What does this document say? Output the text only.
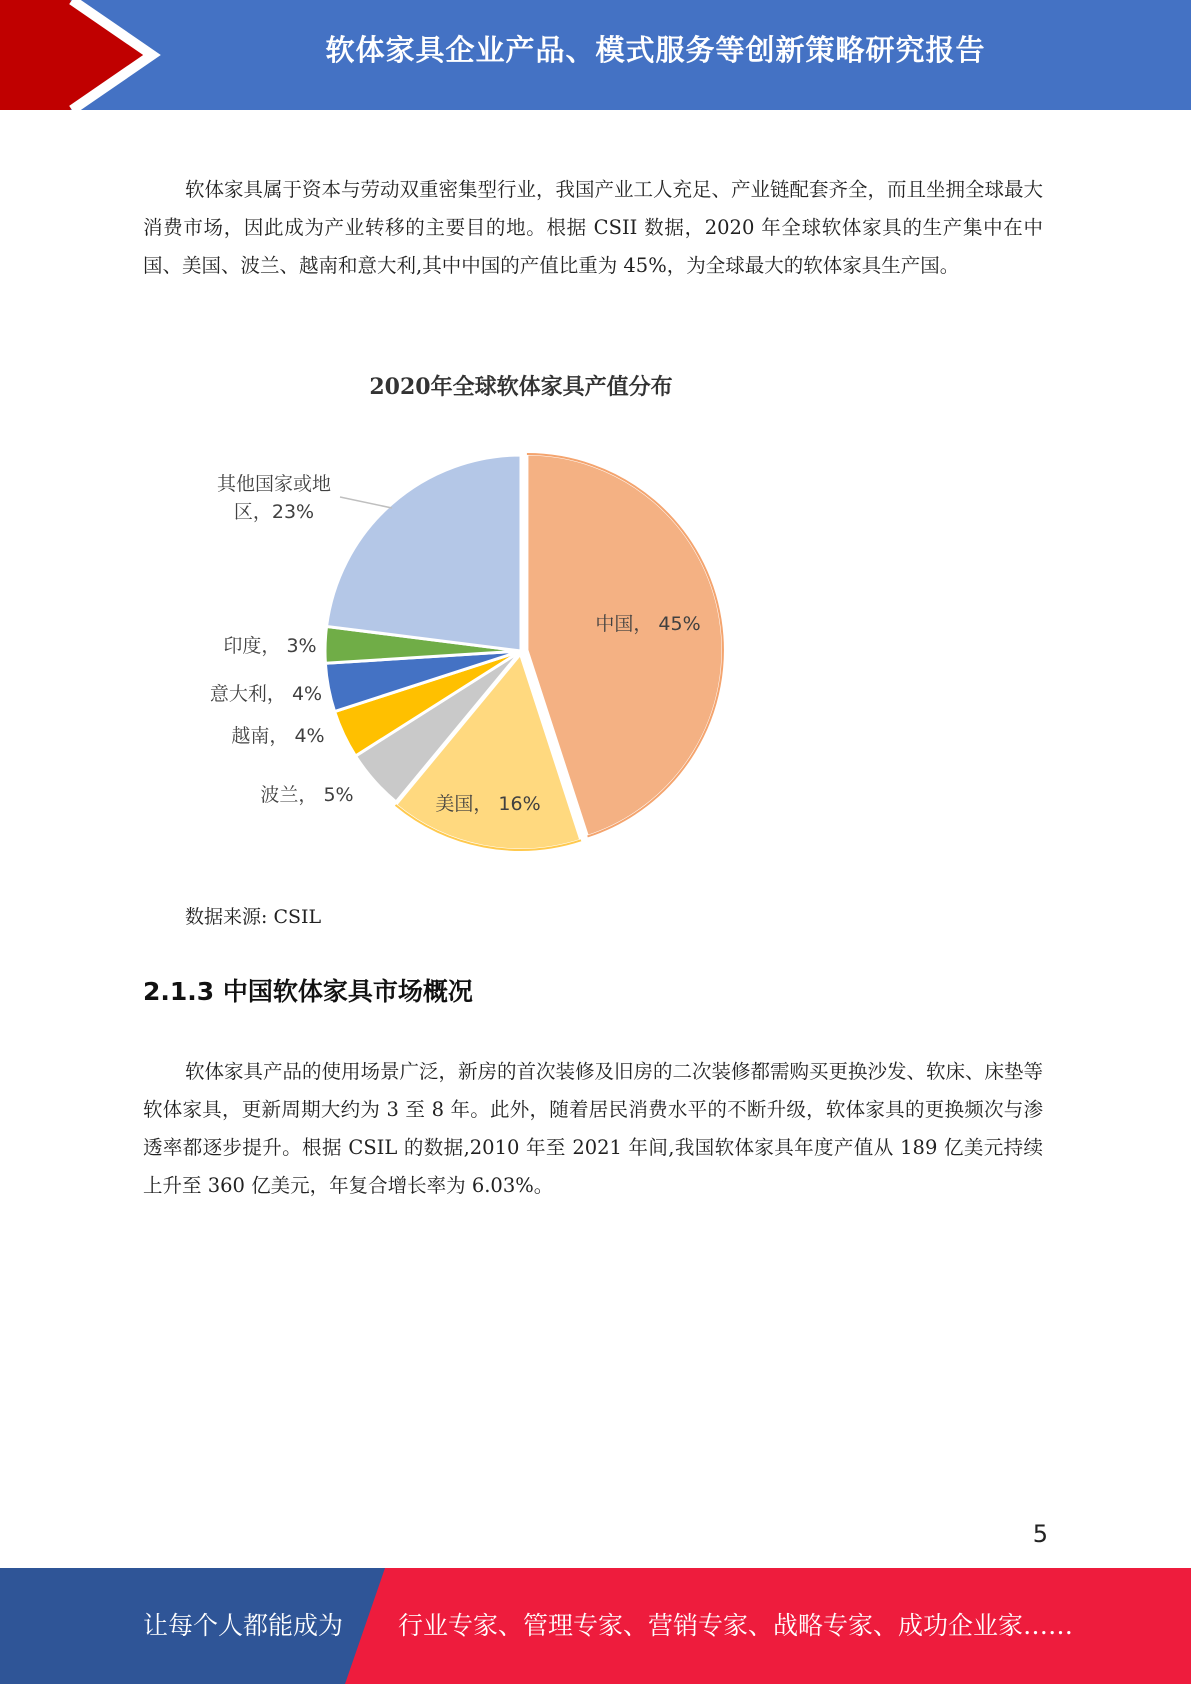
软体家具企业产品、模式服务等创新策略研究报告

软体家具属于资本与劳动双重密集型行业，我国产业工人充足、产业链配套齐全，而且坐拥全球最大消费市场，因此成为产业转移的主要目的地。根据 CSII 数据，2020 年全球软体家具的生产集中在中国、美国、波兰、越南和意大利,其中中国的产值比重为 45%，为全球最大的软体家具生产国。

2020年全球软体家具产值分布
中国， 45%
美国， 16%
波兰， 5%
越南， 4%
意大利， 4%
印度， 3%
其他国家或地
区，23%
数据来源: CSIL
2.1.3 中国软体家具市场概况

软体家具产品的使用场景广泛，新房的首次装修及旧房的二次装修都需购买更换沙发、软床、床垫等软体家具，更新周期大约为 3 至 8 年。此外，随着居民消费水平的不断升级，软体家具的更换频次与渗透率都逐步提升。根据 CSIL 的数据,2010 年至 2021 年间,我国软体家具年度产值从 189 亿美元持续上升至 360 亿美元，年复合增长率为 6.03%。

5
让每个人都能成为 行业专家、管理专家、营销专家、战略专家、成功企业家……
